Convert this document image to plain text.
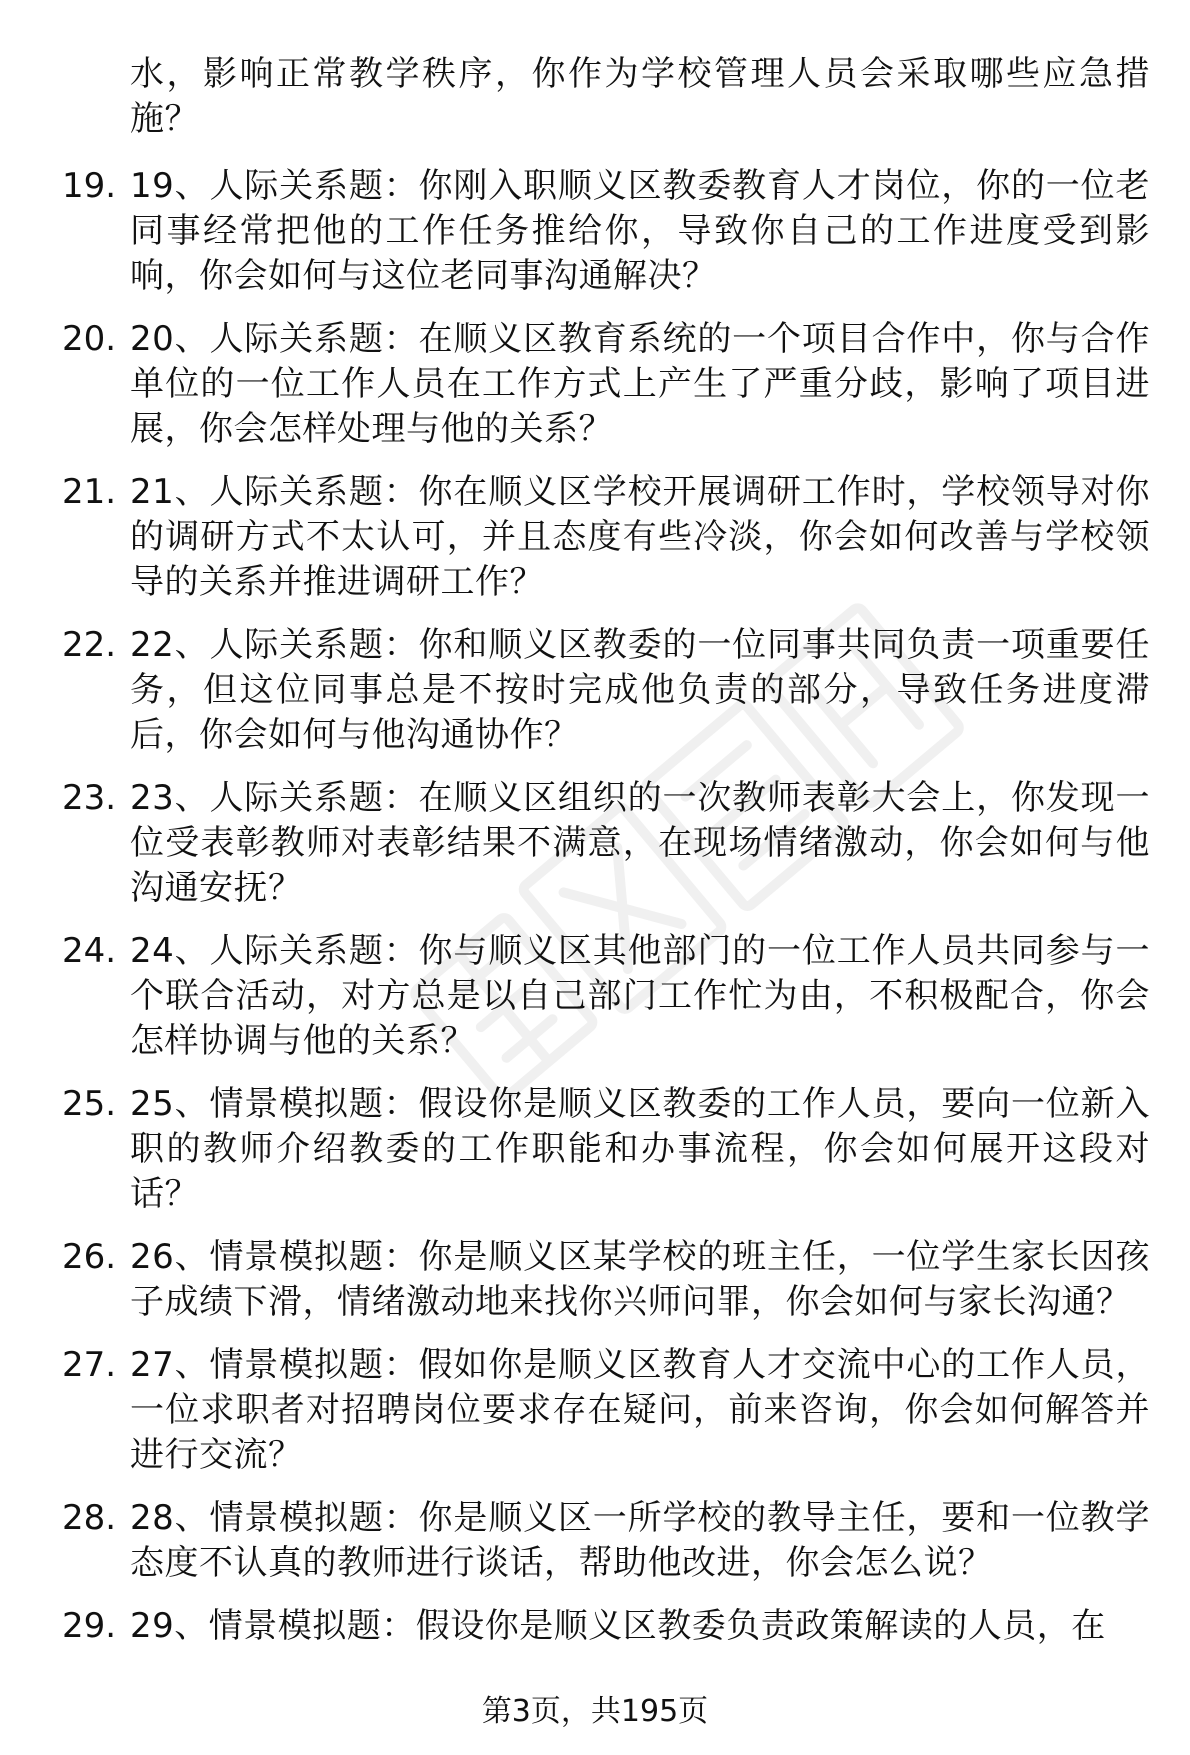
水，影响正常教学秩序，你作为学校管理人员会采取哪些应急措施？
19. 19、人际关系题：你刚入职顺义区教委教育人才岗位，你的一位老同事经常把他的工作任务推给你，导致你自己的工作进度受到影响，你会如何与这位老同事沟通解决？
20. 20、人际关系题：在顺义区教育系统的一个项目合作中，你与合作单位的一位工作人员在工作方式上产生了严重分歧，影响了项目进展，你会怎样处理与他的关系？
21. 21、人际关系题：你在顺义区学校开展调研工作时，学校领导对你的调研方式不太认可，并且态度有些冷淡，你会如何改善与学校领导的关系并推进调研工作？
22. 22、人际关系题：你和顺义区教委的一位同事共同负责一项重要任务，但这位同事总是不按时完成他负责的部分，导致任务进度滞后，你会如何与他沟通协作？
23. 23、人际关系题：在顺义区组织的一次教师表彰大会上，你发现一位受表彰教师对表彰结果不满意，在现场情绪激动，你会如何与他沟通安抚？
24. 24、人际关系题：你与顺义区其他部门的一位工作人员共同参与一个联合活动，对方总是以自己部门工作忙为由，不积极配合，你会怎样协调与他的关系？
25. 25、情景模拟题：假设你是顺义区教委的工作人员，要向一位新入职的教师介绍教委的工作职能和办事流程，你会如何展开这段对话？
26. 26、情景模拟题：你是顺义区某学校的班主任，一位学生家长因孩子成绩下滑，情绪激动地来找你兴师问罪，你会如何与家长沟通？
27. 27、情景模拟题：假如你是顺义区教育人才交流中心的工作人员，一位求职者对招聘岗位要求存在疑问，前来咨询，你会如何解答并进行交流？
28. 28、情景模拟题：你是顺义区一所学校的教导主任，要和一位教学态度不认真的教师进行谈话，帮助他改进，你会怎么说？
29. 29、情景模拟题：假设你是顺义区教委负责政策解读的人员，在
第3页，共195页
